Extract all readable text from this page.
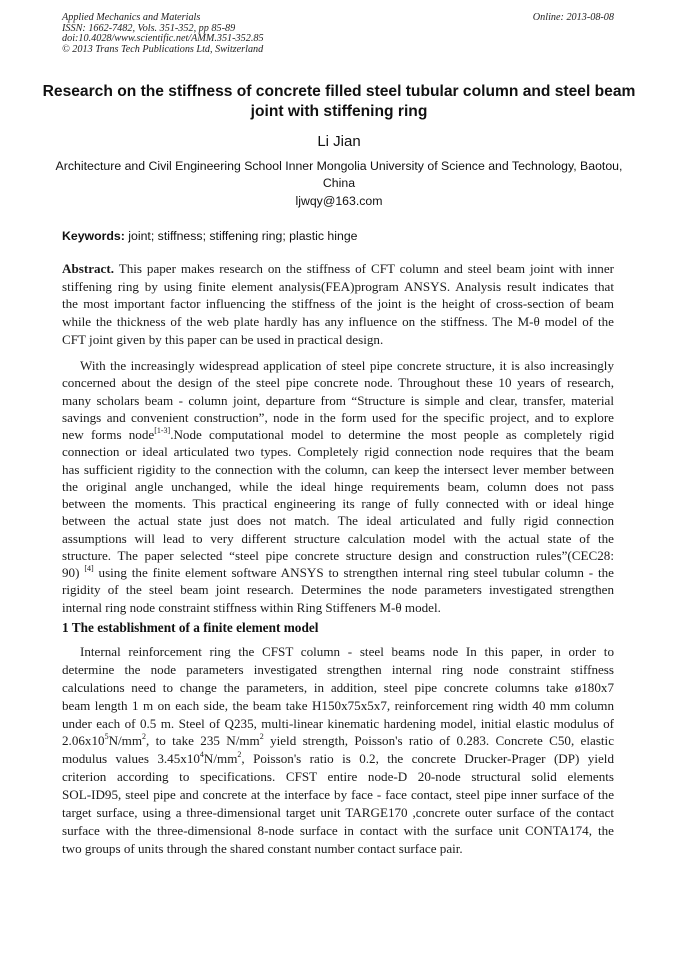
Applied Mechanics and Materials
ISSN: 1662-7482, Vols. 351-352, pp 85-89
doi:10.4028/www.scientific.net/AMM.351-352.85
© 2013 Trans Tech Publications Ltd, Switzerland
Online: 2013-08-08
Research on the stiffness of concrete filled steel tubular column and steel beam joint with stiffening ring
Li Jian
Architecture and Civil Engineering School Inner Mongolia University of Science and Technology, Baotou, China
ljwqy@163.com
Keywords: joint; stiffness; stiffening ring; plastic hinge
Abstract. This paper makes research on the stiffness of CFT column and steel beam joint with inner
stiffening ring by using finite element analysis(FEA)program ANSYS. Analysis result indicates that
the most important factor influencing the stiffness of the joint is the height of cross-section of beam
while the thickness of the web plate hardly has any influence on the stiffness. The M-θ model of the
CFT joint given by this paper can be used in practical design.
With the increasingly widespread application of steel pipe concrete structure, it is also increasingly
concerned about the design of the steel pipe concrete node. Throughout these 10 years of research,
many scholars beam - column joint, departure from “Structure is simple and clear, transfer, material
savings and convenient construction”, node in the form used for the specific project, and to explore
new forms node[1-3].Node computational model to determine the most people as completely rigid
connection or ideal articulated two types. Completely rigid connection node requires that the beam
has sufficient rigidity to the connection with the column, can keep the intersect lever member between
the original angle unchanged, while the ideal hinge requirements beam, column does not pass
between the moments. This practical engineering its range of fully connected with or ideal hinge
between the actual state just does not match. The ideal articulated and fully rigid connection
assumptions will lead to very different structure calculation model with the actual state of the
structure. The paper selected “steel pipe concrete structure design and construction rules”(CEC28:
90) [4] using the finite element software ANSYS to strengthen internal ring steel tubular column - the
rigidity of the steel beam joint research. Determines the node parameters investigated strengthen
internal ring node constraint stiffness within Ring Stiffeners M-θ model.
1 The establishment of a finite element model
Internal reinforcement ring the CFST column - steel beams node In this paper, in order to
determine the node parameters investigated strengthen internal ring node constraint stiffness
calculations need to change the parameters, in addition, steel pipe concrete columns take ø180x7
beam length 1 m on each side, the beam take H150x75x5x7, reinforcement ring width 40 mm column
under each of 0.5 m. Steel of Q235, multi-linear kinematic hardening model, initial elastic modulus of
$2.06x10^5N/mm^2$, to take 235 $N/mm^2$ yield strength, Poisson's ratio of 0.283. Concrete C50, elastic
modulus values $3.45x10^4N/mm^2$, Poisson's ratio is 0.2, the concrete Drucker-Prager (DP) yield
criterion according to specifications. CFST entire node-D 20-node structural solid elements
SOL-ID95, steel pipe and concrete at the interface by face - face contact, steel pipe inner surface of the
target surface, using a three-dimensional target unit TARGE170 ,concrete outer surface of the contact
surface with the three-dimensional 8-node surface in contact with the surface unit CONTA174, the
two groups of units through the shared constant number contact surface pair.
